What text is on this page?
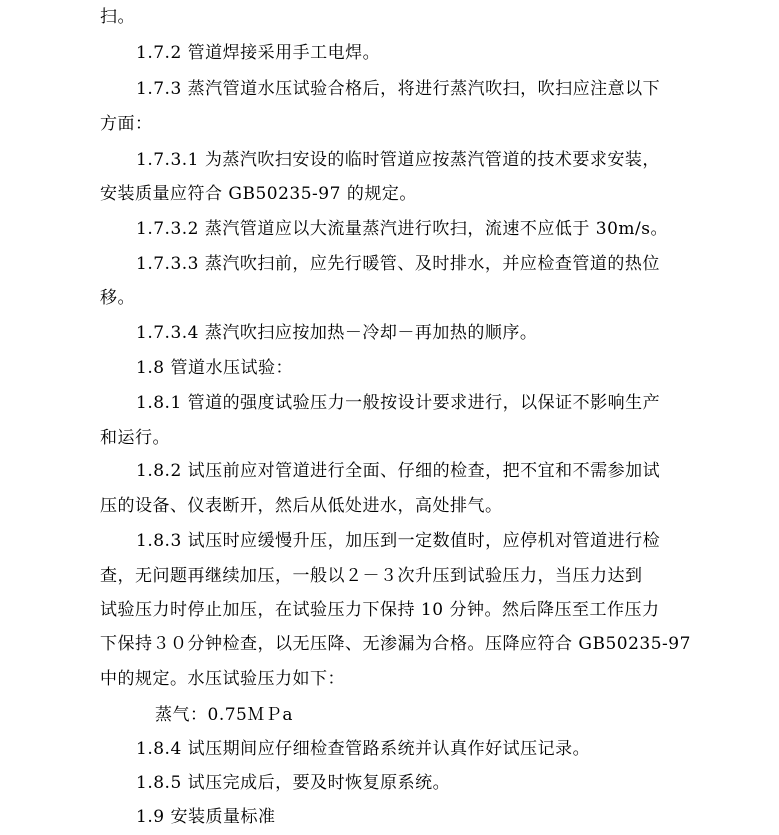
扫。
1.7.2 管道焊接采用手工电焊。
1.7.3 蒸汽管道水压试验合格后，将进行蒸汽吹扫，吹扫应注意以下
方面：
1.7.3.1 为蒸汽吹扫安设的临时管道应按蒸汽管道的技术要求安装，
安装质量应符合 GB50235-97 的规定。
1.7.3.2 蒸汽管道应以大流量蒸汽进行吹扫，流速不应低于 30m/s。
1.7.3.3 蒸汽吹扫前，应先行暖管、及时排水，并应检查管道的热位
移。
1.7.3.4 蒸汽吹扫应按加热－冷却－再加热的顺序。
1.8 管道水压试验：
1.8.1 管道的强度试验压力一般按设计要求进行，以保证不影响生产
和运行。
1.8.2 试压前应对管道进行全面、仔细的检查，把不宜和不需参加试
压的设备、仪表断开，然后从低处进水，高处排气。
1.8.3 试压时应缓慢升压，加压到一定数值时，应停机对管道进行检
查，无问题再继续加压，一般以２－３次升压到试验压力，当压力达到
试验压力时停止加压，在试验压力下保持 10 分钟。然后降压至工作压力
下保持３０分钟检查，以无压降、无渗漏为合格。压降应符合 GB50235-97
中的规定。水压试验压力如下：
蒸气：0.75ＭＰa
1.8.4 试压期间应仔细检查管路系统并认真作好试压记录。
1.8.5 试压完成后，要及时恢复原系统。
1.9 安装质量标准
